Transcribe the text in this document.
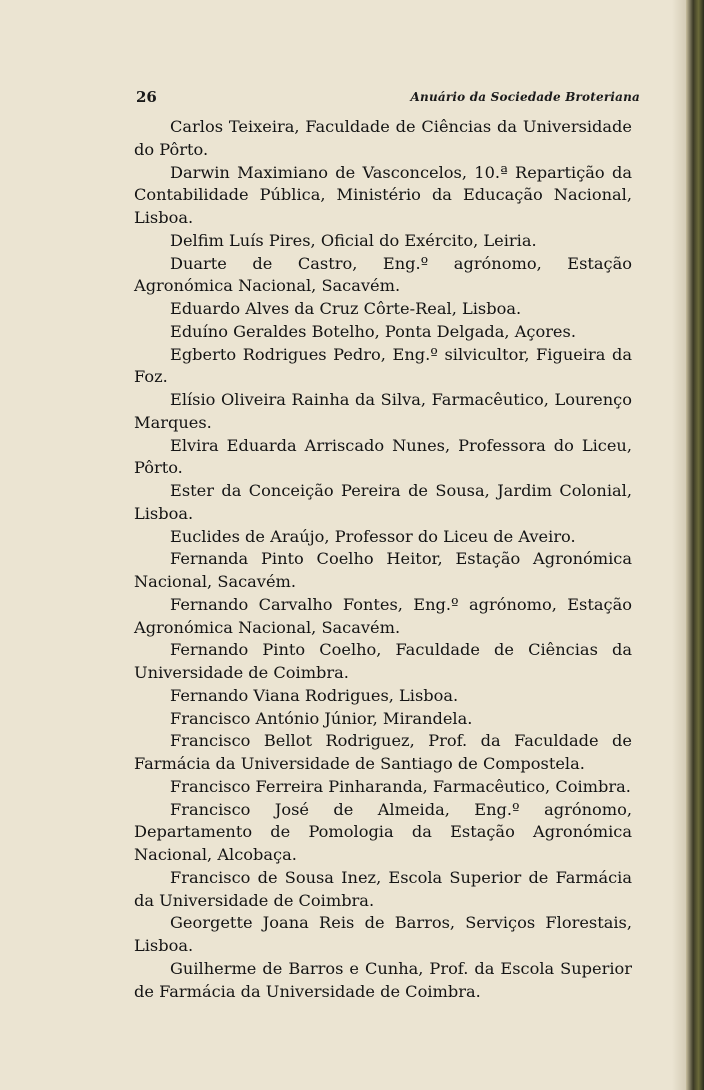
26	Anuário da Sociedade Broteriana

Carlos Teixeira, Faculdade de Ciências da Universidade do Pôrto.

Darwin Maximiano de Vasconcelos, 10.ª Repartição da Contabilidade Pública, Ministério da Educação Nacional, Lisboa.

Delfim Luís Pires, Oficial do Exército, Leiria.

Duarte de Castro, Eng.º agrónomo, Estação Agronómica Nacional, Sacavém.

Eduardo Alves da Cruz Côrte-Real, Lisboa.

Eduíno Geraldes Botelho, Ponta Delgada, Açores.

Egberto Rodrigues Pedro, Eng.º silvicultor, Figueira da Foz.

Elísio Oliveira Rainha da Silva, Farmacêutico, Lourenço Marques.

Elvira Eduarda Arriscado Nunes, Professora do Liceu, Pôrto.

Ester da Conceição Pereira de Sousa, Jardim Colonial, Lisboa.

Euclides de Araújo, Professor do Liceu de Aveiro.

Fernanda Pinto Coelho Heitor, Estação Agronómica Nacional, Sacavém.

Fernando Carvalho Fontes, Eng.º agrónomo, Estação Agronómica Nacional, Sacavém.

Fernando Pinto Coelho, Faculdade de Ciências da Universidade de Coimbra.

Fernando Viana Rodrigues, Lisboa.

Francisco António Júnior, Mirandela.

Francisco Bellot Rodriguez, Prof. da Faculdade de Farmácia da Universidade de Santiago de Compostela.

Francisco Ferreira Pinharanda, Farmacêutico, Coimbra.

Francisco José de Almeida, Eng.º agrónomo, Departamento de Pomologia da Estação Agronómica Nacional, Alcobaça.

Francisco de Sousa Inez, Escola Superior de Farmácia da Universidade de Coimbra.

Georgette Joana Reis de Barros, Serviços Florestais, Lisboa.

Guilherme de Barros e Cunha, Prof. da Escola Superior de Farmácia da Universidade de Coimbra.
